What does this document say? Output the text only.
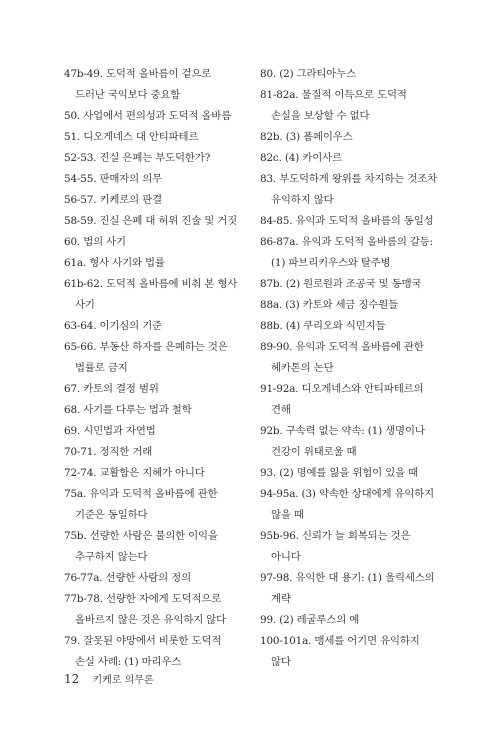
47b-49. 도덕적 올바름이 겉으로 드러난 국익보다 중요함

50. 사업에서 편의성과 도덕적 올바름

51. 디오게네스 대 안티파테르

52-53. 진실 은폐는 부도덕한가?

54-55. 판매자의 의무

56-57. 키케로의 판결

58-59. 진실 은폐 대 허위 진술 및 거짓

60. 법의 사기

61a. 형사 사기와 법률

61b-62. 도덕적 올바름에 비춰 본 형사 사기

63-64. 이기심의 기준

65-66. 부동산 하자를 은폐하는 것은 법률로 금지

67. 카토의 결정 범위

68. 사기를 다루는 법과 철학

69. 시민법과 자연법

70-71. 정직한 거래

72-74. 교활함은 지혜가 아니다

75a. 유익과 도덕적 올바름에 관한 기준은 동일하다

75b. 선량한 사람은 불의한 이익을 추구하지 않는다

76-77a. 선량한 사람의 정의

77b-78. 선량한 자에게 도덕적으로 올바르지 않은 것은 유익하지 않다

79. 잘못된 야망에서 비롯한 도덕적 손실 사례: (1) 마리우스

80. (2) 그라티아누스

81-82a. 물질적 이득으로 도덕적 손실을 보상할 수 없다

82b. (3) 폼페이우스

82c. (4) 카이사르

83. 부도덕하게 왕위를 차지하는 것조차 유익하지 않다

84-85. 유익과 도덕적 올바름의 동일성

86-87a. 유익과 도덕적 올바름의 갈등: (1) 파브리키우스와 탈주병

87b. (2) 원로원과 조공국 및 동맹국

88a. (3) 카토와 세금 징수원들

88b. (4) 쿠리오와 식민지들

89-90. 유익과 도덕적 올바름에 관한 헤카톤의 논단

91-92a. 디오게네스와 안티파테르의 견해

92b. 구속력 없는 약속: (1) 생명이나 건강이 위태로울 때

93. (2) 명예를 잃을 위험이 있을 때

94-95a. (3) 약속한 상대에게 유익하지 않을 때

95b-96. 신뢰가 늘 회복되는 것은 아니다

97-98. 유익한 대 용기: (1) 울릭세스의 계략

99. (2) 레굴루스의 예

100-101a. 맹세를 어기면 유익하지 않다

12 키케로 의무론
